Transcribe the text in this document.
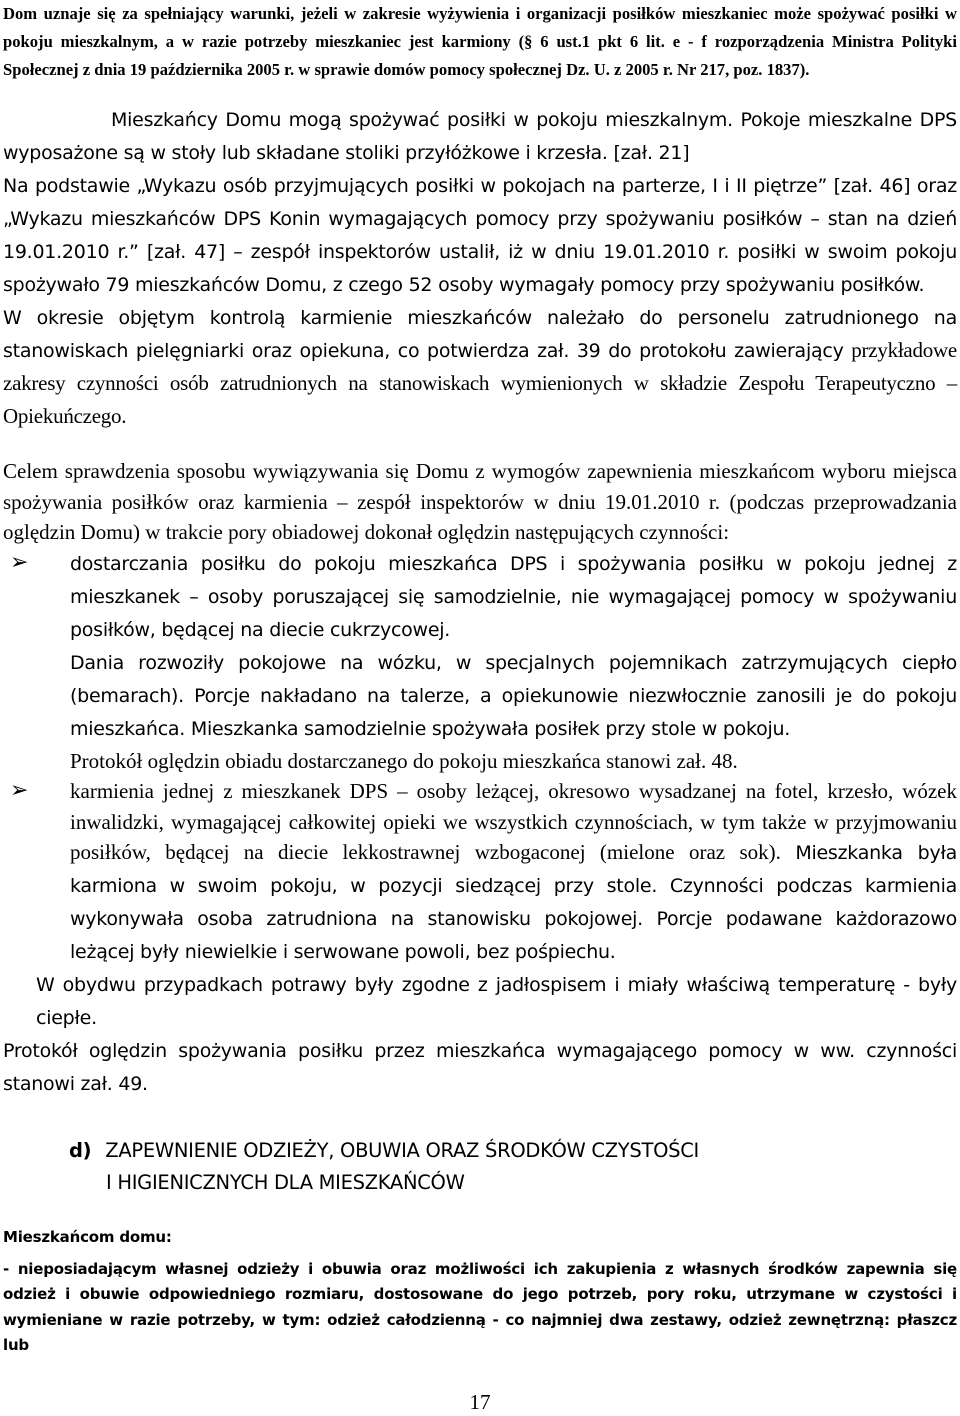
Dom uznaje się za spełniający warunki, jeżeli w zakresie wyżywienia i organizacji posiłków mieszkaniec może spożywać posiłki w pokoju mieszkalnym, a w razie potrzeby mieszkaniec jest karmiony (§ 6 ust.1 pkt 6 lit. e - f rozporządzenia Ministra Polityki Społecznej z dnia 19 października 2005 r. w sprawie domów pomocy społecznej Dz. U. z 2005 r. Nr 217, poz. 1837).

Mieszkańcy Domu mogą spożywać posiłki w pokoju mieszkalnym. Pokoje mieszkalne DPS wyposażone są w stoły lub składane stoliki przyłóżkowe i krzesła. [zał. 21]

Na podstawie „Wykazu osób przyjmujących posiłki w pokojach na parterze, I i II piętrze” [zał. 46] oraz „Wykazu mieszkańców DPS Konin wymagających pomocy przy spożywaniu posiłków – stan na dzień 19.01.2010 r.” [zał. 47] – zespół inspektorów ustalił, iż w dniu 19.01.2010 r. posiłki w swoim pokoju spożywało 79 mieszkańców Domu, z czego 52 osoby wymagały pomocy przy spożywaniu posiłków.

W okresie objętym kontrolą karmienie mieszkańców należało do personelu zatrudnionego na stanowiskach pielęgniarki oraz opiekuna, co potwierdza zał. 39 do protokołu zawierający przykładowe zakresy czynności osób zatrudnionych na stanowiskach wymienionych w składzie Zespołu Terapeutyczno – Opiekuńczego.

Celem sprawdzenia sposobu wywiązywania się Domu z wymogów zapewnienia mieszkańcom wyboru miejsca spożywania posiłków oraz karmienia – zespół inspektorów w dniu 19.01.2010 r. (podczas przeprowadzania oględzin Domu) w trakcie pory obiadowej dokonał oględzin następujących czynności:

➢ dostarczania posiłku do pokoju mieszkańca DPS i spożywania posiłku w pokoju jednej z mieszkanek – osoby poruszającej się samodzielnie, nie wymagającej pomocy w spożywaniu posiłków, będącej na diecie cukrzycowej.

Dania rozwoziły pokojowe na wózku, w specjalnych pojemnikach zatrzymujących ciepło (bemarach). Porcje nakładano na talerze, a opiekunowie niezwłocznie zanosili je do pokoju mieszkańca. Mieszkanka samodzielnie spożywała posiłek przy stole w pokoju.

Protokół oględzin obiadu dostarczanego do pokoju mieszkańca stanowi zał. 48.

➢ karmienia jednej z mieszkanek DPS – osoby leżącej, okresowo wysadzanej na fotel, krzesło, wózek inwalidzki, wymagającej całkowitej opieki we wszystkich czynnościach, w tym także w przyjmowaniu posiłków, będącej na diecie lekkostrawnej wzbogaconej (mielone oraz sok). Mieszkanka była karmiona w swoim pokoju, w pozycji siedzącej przy stole. Czynności podczas karmienia wykonywała osoba zatrudniona na stanowisku pokojowej. Porcje podawane każdorazowo leżącej były niewielkie i serwowane powoli, bez pośpiechu.

W obydwu przypadkach potrawy były zgodne z jadłospisem i miały właściwą temperaturę - były ciepłe.

Protokół oględzin spożywania posiłku przez mieszkańca wymagającego pomocy w ww. czynności stanowi zał. 49.

d) ZAPEWNIENIE ODZIEŻY, OBUWIA ORAZ ŚRODKÓW CZYSTOŚCI
I HIGIENICZNYCH DLA MIESZKAŃCÓW

Mieszkańcom domu:

- nieposiadającym własnej odzieży i obuwia oraz możliwości ich zakupienia z własnych środków zapewnia się odzież i obuwie odpowiedniego rozmiaru, dostosowane do jego potrzeb, pory roku, utrzymane w czystości i wymieniane w razie potrzeby, w tym: odzież całodzienną - co najmniej dwa zestawy, odzież zewnętrzną: płaszcz lub

17
